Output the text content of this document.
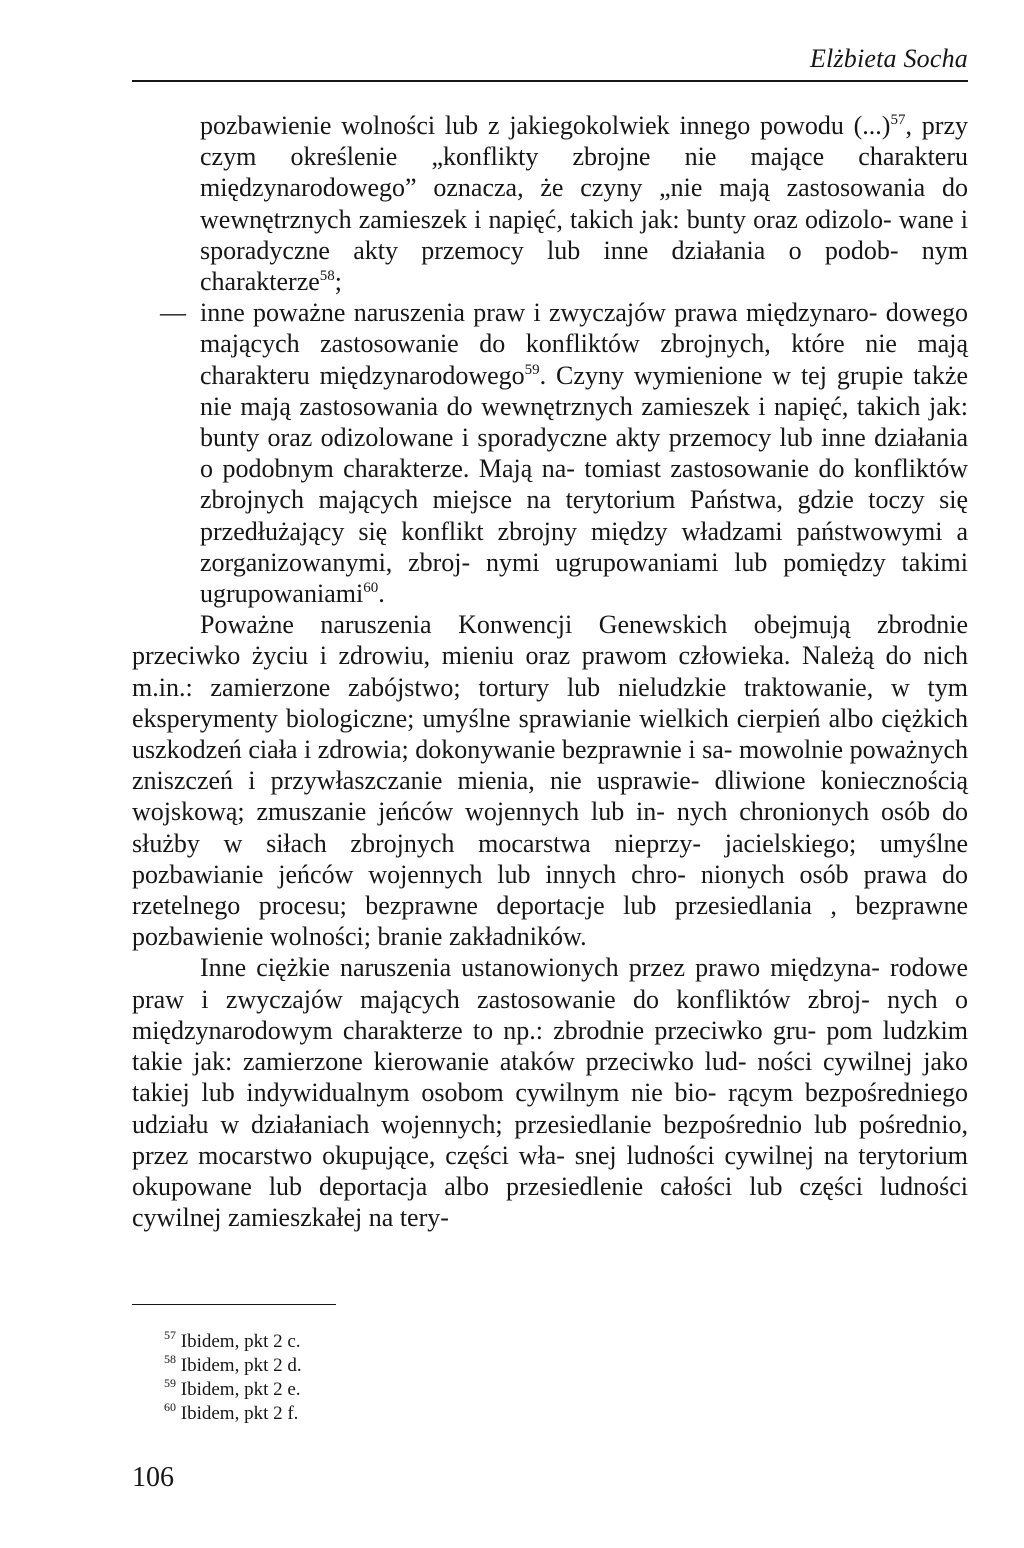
Elżbieta Socha

pozbawienie wolności lub z jakiegokolwiek innego powodu (...)$^{57}$, przy czym określenie „konflikty zbrojne nie mające charakteru międzynarodowego” oznacza, że czyny „nie mają zastosowania do wewnętrznych zamieszek i napięć, takich jak: bunty oraz odizolo- wane i sporadyczne akty przemocy lub inne działania o podob- nym charakterze$^{58}$;

— inne poważne naruszenia praw i zwyczajów prawa międzynaro- dowego mających zastosowanie do konfliktów zbrojnych, które nie mają charakteru międzynarodowego$^{59}$. Czyny wymienione w tej grupie także nie mają zastosowania do wewnętrznych zamieszek i napięć, takich jak: bunty oraz odizolowane i sporadyczne akty przemocy lub inne działania o podobnym charakterze. Mają na- tomiast zastosowanie do konfliktów zbrojnych mających miejsce na terytorium Państwa, gdzie toczy się przedłużający się konflikt zbrojny między władzami państwowymi a zorganizowanymi, zbroj- nymi ugrupowaniami lub pomiędzy takimi ugrupowaniami$^{60}$.

Poważne naruszenia Konwencji Genewskich obejmują zbrodnie przeciwko życiu i zdrowiu, mieniu oraz prawom człowieka. Należą do nich m.in.: zamierzone zabójstwo; tortury lub nieludzkie traktowanie, w tym eksperymenty biologiczne; umyślne sprawianie wielkich cierpień albo ciężkich uszkodzeń ciała i zdrowia; dokonywanie bezprawnie i sa- mowolnie poważnych zniszczeń i przywłaszczanie mienia, nie usprawie- dliwione koniecznością wojskową; zmuszanie jeńców wojennych lub in- nych chronionych osób do służby w siłach zbrojnych mocarstwa nieprzy- jacielskiego; umyślne pozbawianie jeńców wojennych lub innych chro- nionych osób prawa do rzetelnego procesu; bezprawne deportacje lub przesiedlania , bezprawne pozbawienie wolności; branie zakładników.

Inne ciężkie naruszenia ustanowionych przez prawo międzyna- rodowe praw i zwyczajów mających zastosowanie do konfliktów zbroj- nych o międzynarodowym charakterze to np.: zbrodnie przeciwko gru- pom ludzkim takie jak: zamierzone kierowanie ataków przeciwko lud- ności cywilnej jako takiej lub indywidualnym osobom cywilnym nie bio- rącym bezpośredniego udziału w działaniach wojennych; przesiedlanie bezpośrednio lub pośrednio, przez mocarstwo okupujące, części wła- snej ludności cywilnej na terytorium okupowane lub deportacja albo przesiedlenie całości lub części ludności cywilnej zamieszkałej na tery-

$^{57}$ Ibidem, pkt 2 c.

$^{58}$ Ibidem, pkt 2 d.

$^{59}$ Ibidem, pkt 2 e.

$^{60}$ Ibidem, pkt 2 f.

106
